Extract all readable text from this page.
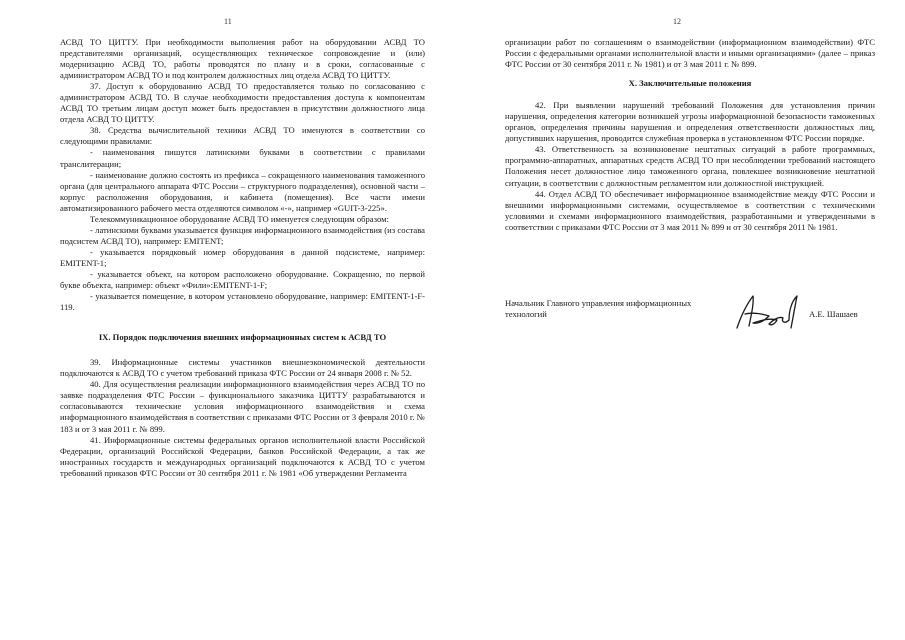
11

АСВД ТО ЦИТТУ. При необходимости выполнения работ на оборудовании АСВД ТО представителями организаций, осуществляющих техническое сопровождение и (или) модернизацию АСВД ТО, работы проводятся по плану и в сроки, согласованные с администратором АСВД ТО и под контролем должностных лиц отдела АСВД ТО ЦИТТУ.

37. Доступ к оборудованию АСВД ТО предоставляется только по согласованию с администратором АСВД ТО. В случае необходимости предоставления доступа к компонентам АСВД ТО третьим лицам доступ может быть предоставлен в присутствии должностного лица отдела АСВД ТО ЦИТТУ.

38. Средства вычислительной техники АСВД ТО именуются в соответствии со следующими правилами:

- наименования пишутся латинскими буквами в соответствии с правилами транслитерации;

- наименование должно состоять из префикса – сокращенного наименования таможенного органа (для центрального аппарата ФТС России – структурного подразделения), основной части – корпус расположения оборудования, и кабинета (помещения). Все части имени автоматизированного рабочего места отделяются символом «-», например «GUIT-3-225».

Телекоммуникационное оборудование АСВД ТО именуется следующим образом:

- латинскими буквами указывается функция информационного взаимодействия (из состава подсистем АСВД ТО), например: EMITENT;

- указывается порядковый номер оборудования в данной подсистеме, например: EMITENT-1;

- указывается объект, на котором расположено оборудование. Сокращенно, по первой букве объекта, например: объект «Фили»:EMITENT-1-F;

- указывается помещение, в котором установлено оборудование, например: EMITENT-1-F-119.

IX. Порядок подключения внешних информационных систем к АСВД ТО

39. Информационные системы участников внешнеэкономической деятельности подключаются к АСВД ТО с учетом требований приказа ФТС России от 24 января 2008 г. № 52.

40. Для осуществления реализации информационного взаимодействия через АСВД ТО по заявке подразделения ФТС России – функционального заказчика ЦИТТУ разрабатываются и согласовываются технические условия информационного взаимодействия и схема информационного взаимодействия в соответствии с приказами ФТС России от 3 февраля 2010 г. № 183 и от 3 мая 2011 г. № 899.

41. Информационные системы федеральных органов исполнительной власти Российской Федерации, организаций Российской Федерации, банков Российской Федерации, а так же иностранных государств и международных организаций подключаются к АСВД ТО с учетом требований приказов ФТС России от 30 сентября 2011 г. № 1981 «Об утверждении Регламента

12

организации работ по соглашениям о взаимодействии (информационном взаимодействии) ФТС России с федеральными органами исполнительной власти и иными организациями» (далее – приказ ФТС России от 30 сентября 2011 г. № 1981) и от 3 мая 2011 г. № 899.

X. Заключительные положения

42. При выявлении нарушений требований Положения для установления причин нарушения, определения категории возникшей угрозы информационной безопасности таможенных органов, определения причины нарушения и определения ответственности должностных лиц, допустивших нарушения, проводится служебная проверка в установленном ФТС России порядке.

43. Ответственность за возникновение нештатных ситуаций в работе программных, программно-аппаратных, аппаратных средств АСВД ТО при несоблюдении требований настоящего Положения несет должностное лицо таможенного органа, повлекшее возникновение нештатной ситуации, в соответствии с должностным регламентом или должностной инструкцией.

44. Отдел АСВД ТО обеспечивает информационное взаимодействие между ФТС России и внешними информационными системами, осуществляемое в соответствии с техническими условиями и схемами информационного взаимодействия, разработанными и утвержденными в соответствии с приказами ФТС России от 3 мая 2011 № 899 и от 30 сентября 2011 № 1981.

Начальник Главного управления информационных технологий	А.Е. Шашаев
